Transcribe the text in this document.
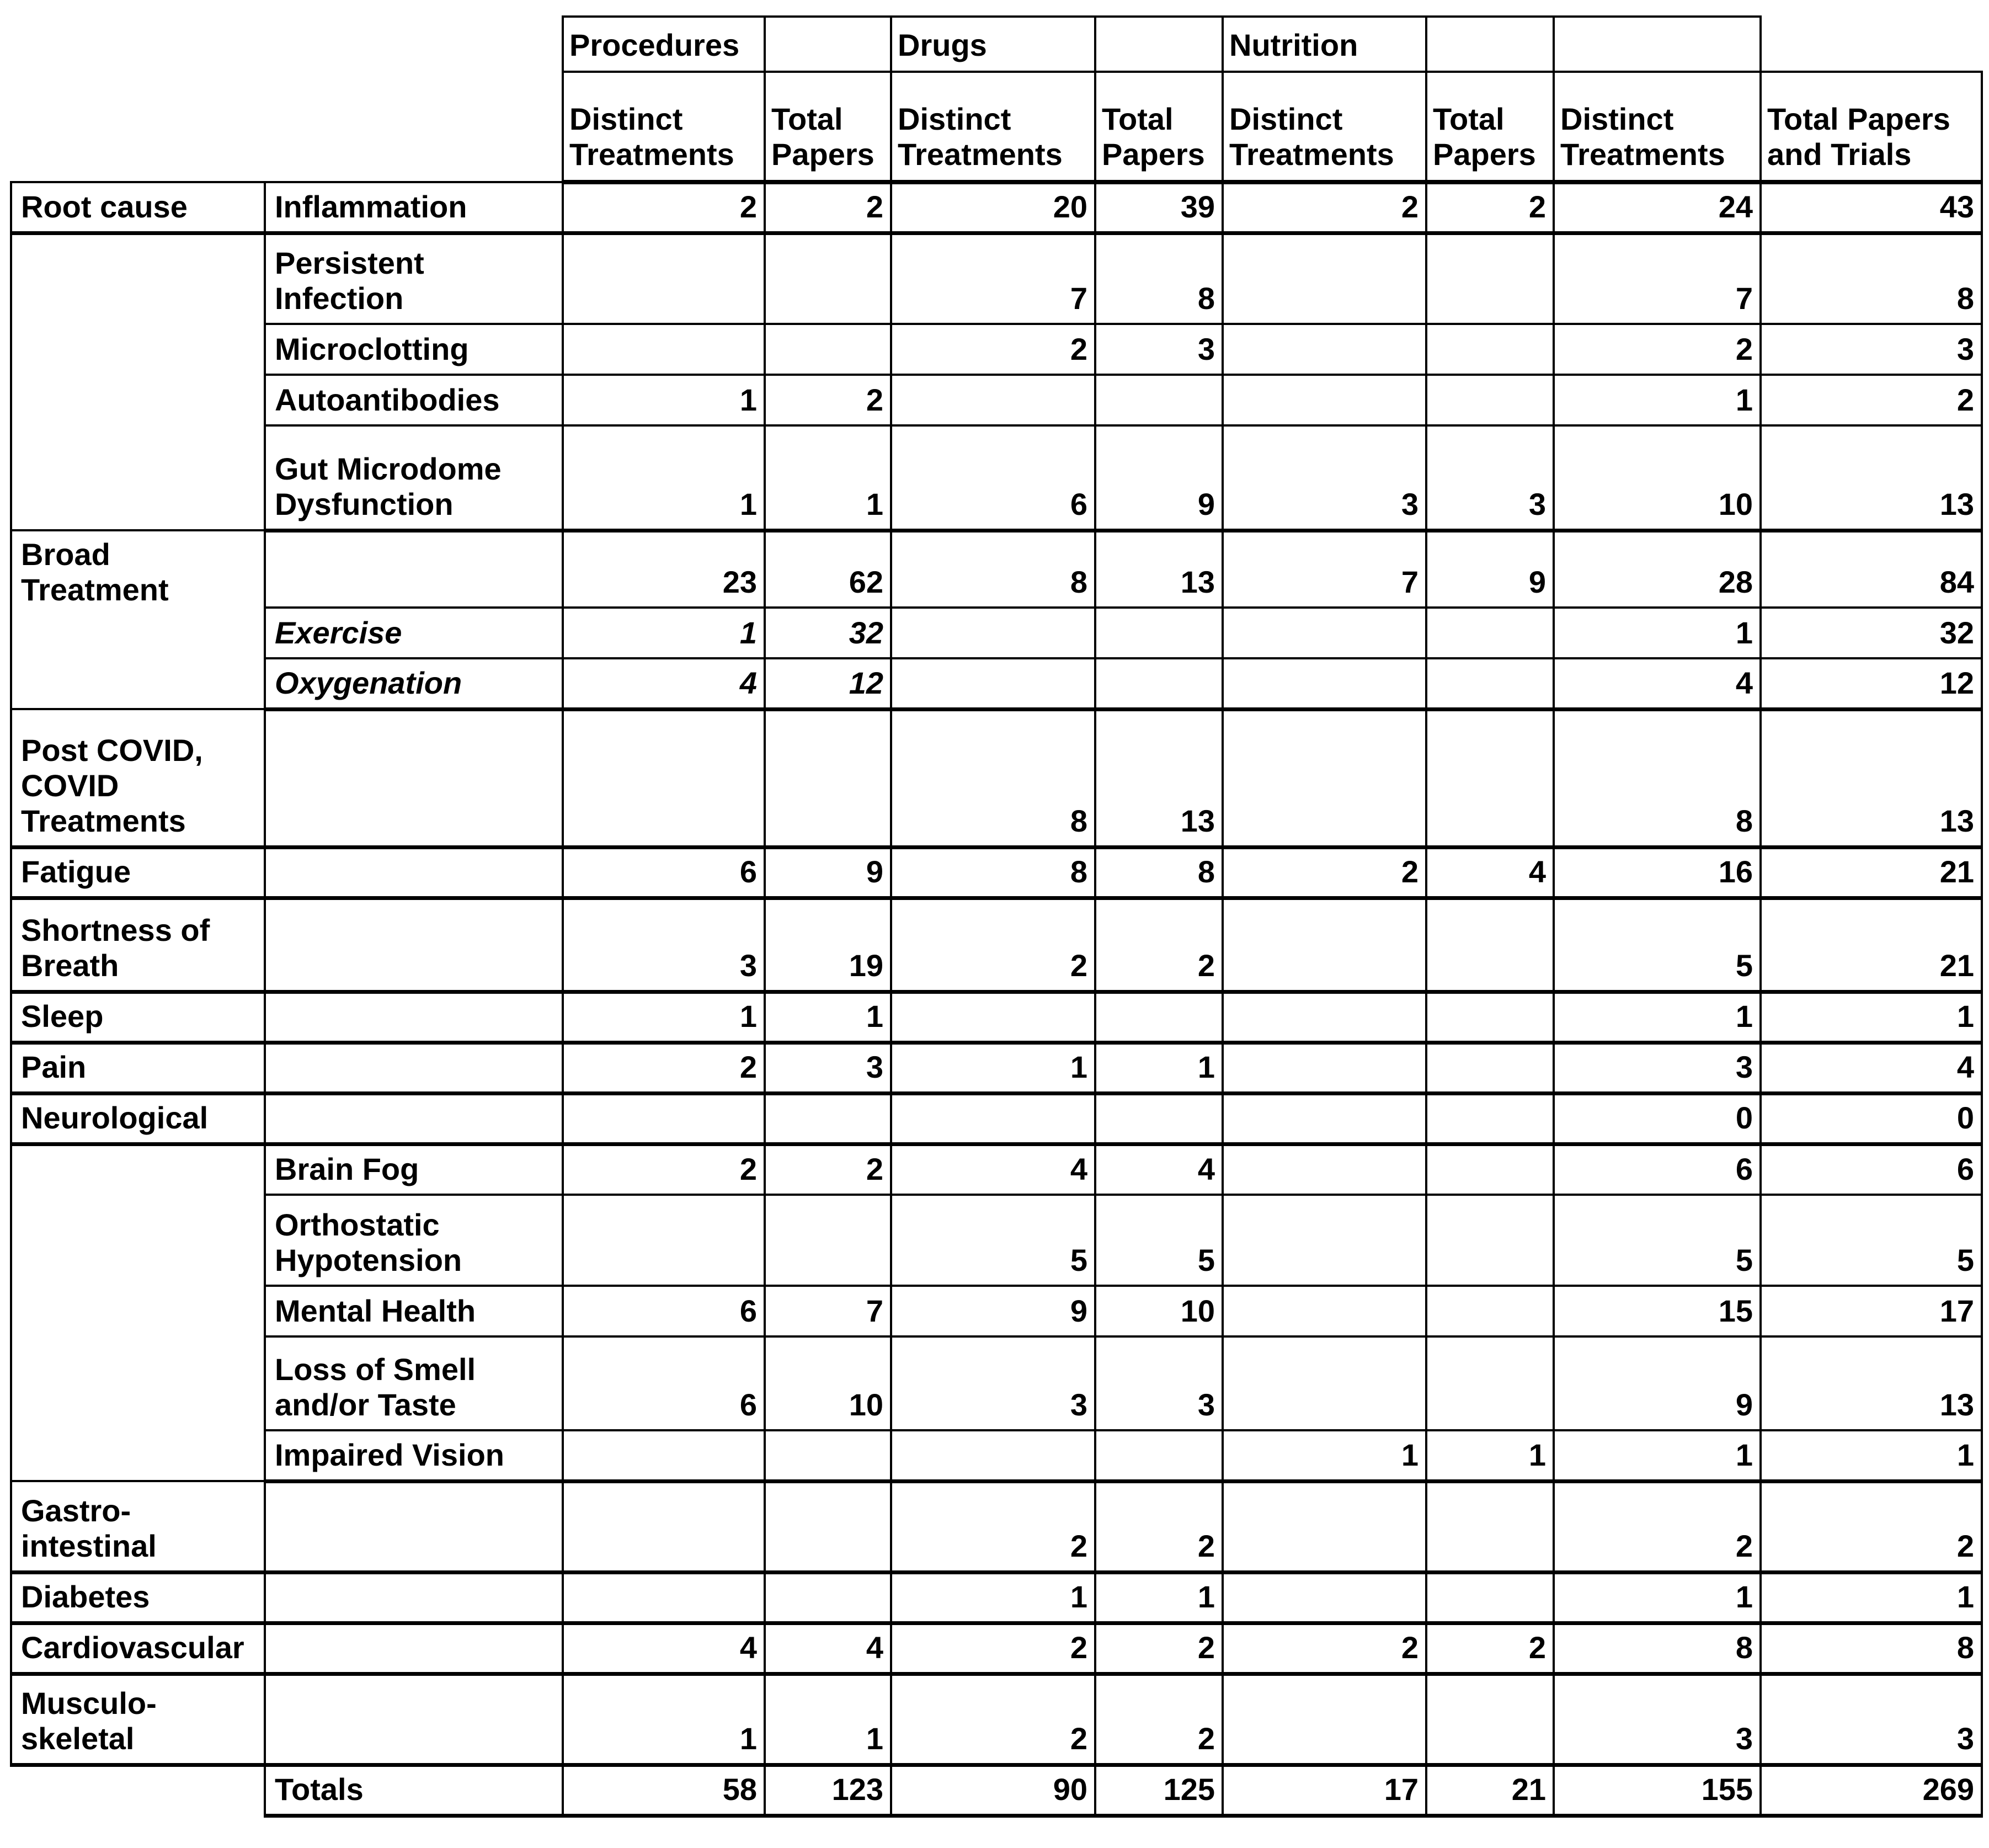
		Procedures		Drugs		Nutrition			
		Distinct Treatments	Total Papers	Distinct Treatments	Total Papers	Distinct Treatments	Total Papers	Distinct Treatments	Total Papers and Trials
Root cause	Inflammation	2	2	20	39	2	2	24	43
	Persistent Infection			7	8			7	8
	Microclotting			2	3			2	3
	Autoantibodies	1	2					1	2
	Gut Microdome Dysfunction	1	1	6	9	3	3	10	13
Broad Treatment		23	62	8	13	7	9	28	84
	Exercise	1	32					1	32
	Oxygenation	4	12					4	12
Post COVID, COVID Treatments				8	13			8	13
Fatigue		6	9	8	8	2	4	16	21
Shortness of Breath		3	19	2	2			5	21
Sleep		1	1					1	1
Pain		2	3	1	1			3	4
Neurological								0	0
	Brain Fog	2	2	4	4			6	6
	Orthostatic Hypotension			5	5			5	5
	Mental Health	6	7	9	10			15	17
	Loss of Smell and/or Taste	6	10	3	3			9	13
	Impaired Vision					1	1	1	1
Gastro-intestinal				2	2			2	2
Diabetes				1	1			1	1
Cardiovascular		4	4	2	2	2	2	8	8
Musculo-skeletal		1	1	2	2			3	3
	Totals	58	123	90	125	17	21	155	269
